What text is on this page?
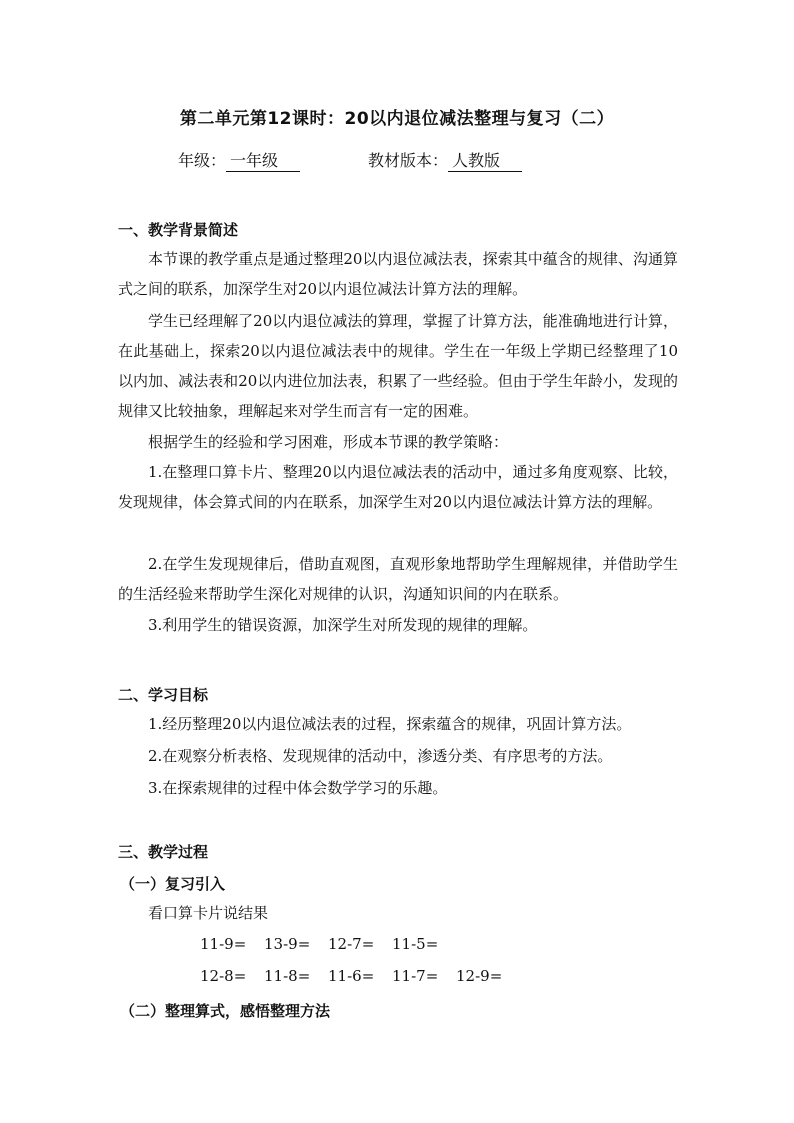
第二单元第12课时：20以内退位减法整理与复习（二）
年级： 一年级	教材版本： 人教版
一、教学背景简述

本节课的教学重点是通过整理20以内退位减法表，探索其中蕴含的规律、沟通算式之间的联系，加深学生对20以内退位减法计算方法的理解。

学生已经理解了20以内退位减法的算理，掌握了计算方法，能准确地进行计算，在此基础上，探索20以内退位减法表中的规律。学生在一年级上学期已经整理了10以内加、减法表和20以内进位加法表，积累了一些经验。但由于学生年龄小，发现的规律又比较抽象，理解起来对学生而言有一定的困难。

根据学生的经验和学习困难，形成本节课的教学策略：

1.在整理口算卡片、整理20以内退位减法表的活动中，通过多角度观察、比较，发现规律，体会算式间的内在联系，加深学生对20以内退位减法计算方法的理解。

2.在学生发现规律后，借助直观图，直观形象地帮助学生理解规律，并借助学生的生活经验来帮助学生深化对规律的认识，沟通知识间的内在联系。

3.利用学生的错误资源，加深学生对所发现的规律的理解。

二、学习目标
1.经历整理20以内退位减法表的过程，探索蕴含的规律，巩固计算方法。
2.在观察分析表格、发现规律的活动中，渗透分类、有序思考的方法。
3.在探索规律的过程中体会数学学习的乐趣。
三、教学过程
（一）复习引入
看口算卡片说结果
11-9= 13-9= 12-7= 11-5=
12-8= 11-8= 11-6= 11-7= 12-9=
（二）整理算式，感悟整理方法
